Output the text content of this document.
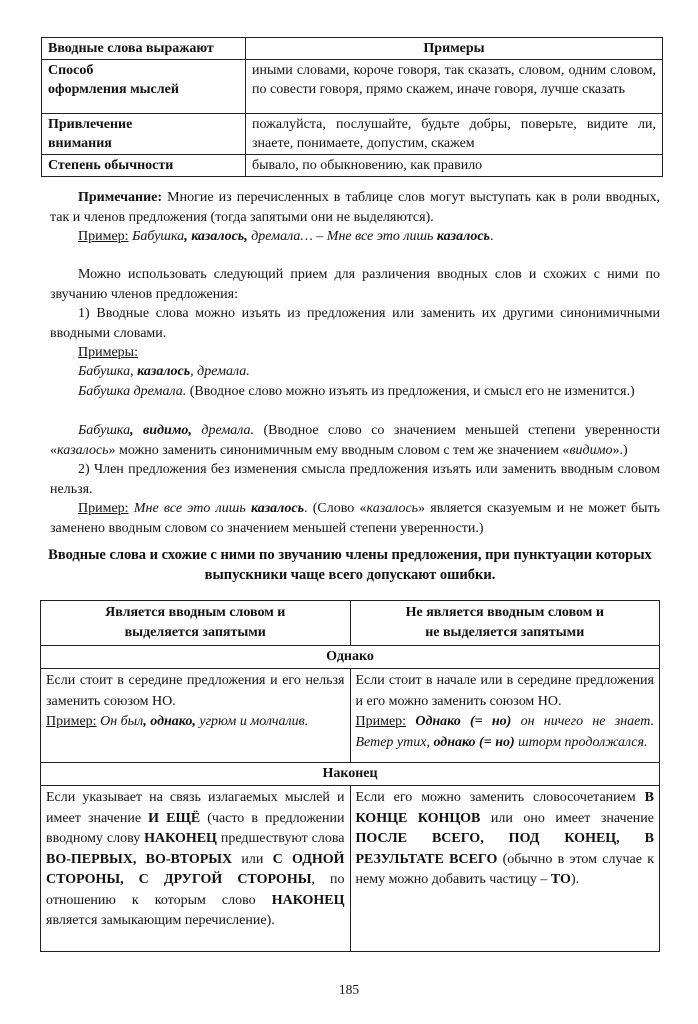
Вводные слова выражают	Примеры
Способ
оформления мыслей	иными словами, короче говоря, так сказать, словом, одним словом, по совести говоря, прямо скажем, иначе говоря, лучше сказать
Привлечение
внимания	пожалуйста, послушайте, будьте добры, поверьте, видите ли, знаете, понимаете, допустим, скажем
Степень обычности	бывало, по обыкновению, как правило
Примечание: Многие из перечисленных в таблице слов могут выступать как в роли вводных, так и членов предложения (тогда запятыми они не выделяются).
Пример: Бабушка, казалось, дремала… – Мне все это лишь казалось.
Можно использовать следующий прием для различения вводных слов и схожих с ними по звучанию членов предложения:
1) Вводные слова можно изъять из предложения или заменить их другими синонимичными вводными словами.
Примеры:
Бабушка, казалось, дремала.
Бабушка дремала. (Вводное слово можно изъять из предложения, и смысл его не изменится.)
Бабушка, видимо, дремала. (Вводное слово со значением меньшей степени уверенности «казалось» можно заменить синонимичным ему вводным словом с тем же значением «видимо».)
2) Член предложения без изменения смысла предложения изъять или заменить вводным словом нельзя.
Пример: Мне все это лишь казалось. (Слово «казалось» является сказуемым и не может быть заменено вводным словом со значением меньшей степени уверенности.)
Вводные слова и схожие с ними по звучанию члены предложения, при пунктуации которых выпускники чаще всего допускают ошибки.
Является вводным словом и
выделяется запятыми	Не является вводным словом и
не выделяется запятыми
Однако	
Если стоит в середине предложения и его нельзя заменить союзом НО.
Пример: Он был, однако, угрюм и молчалив.	Если стоит в начале или в середине предложения и его можно заменить союзом НО.
Пример: Однако (= но) он ничего не знает. Ветер утих, однако (= но) шторм продолжался.
Наконец	
Если указывает на связь излагаемых мыслей и имеет значение И ЕЩЁ (часто в предложении вводному слову НАКОНЕЦ предшествуют слова ВО-ПЕРВЫХ, ВО-ВТОРЫХ или С ОДНОЙ СТОРОНЫ, С ДРУГОЙ СТОРОНЫ, по отношению к которым слово НАКОНЕЦ является замыкающим перечисление).	Если его можно заменить словосочетанием В КОНЦЕ КОНЦОВ или оно имеет значение ПОСЛЕ ВСЕГО, ПОД КОНЕЦ, В РЕЗУЛЬТАТЕ ВСЕГО (обычно в этом случае к нему можно добавить частицу – ТО).
185
